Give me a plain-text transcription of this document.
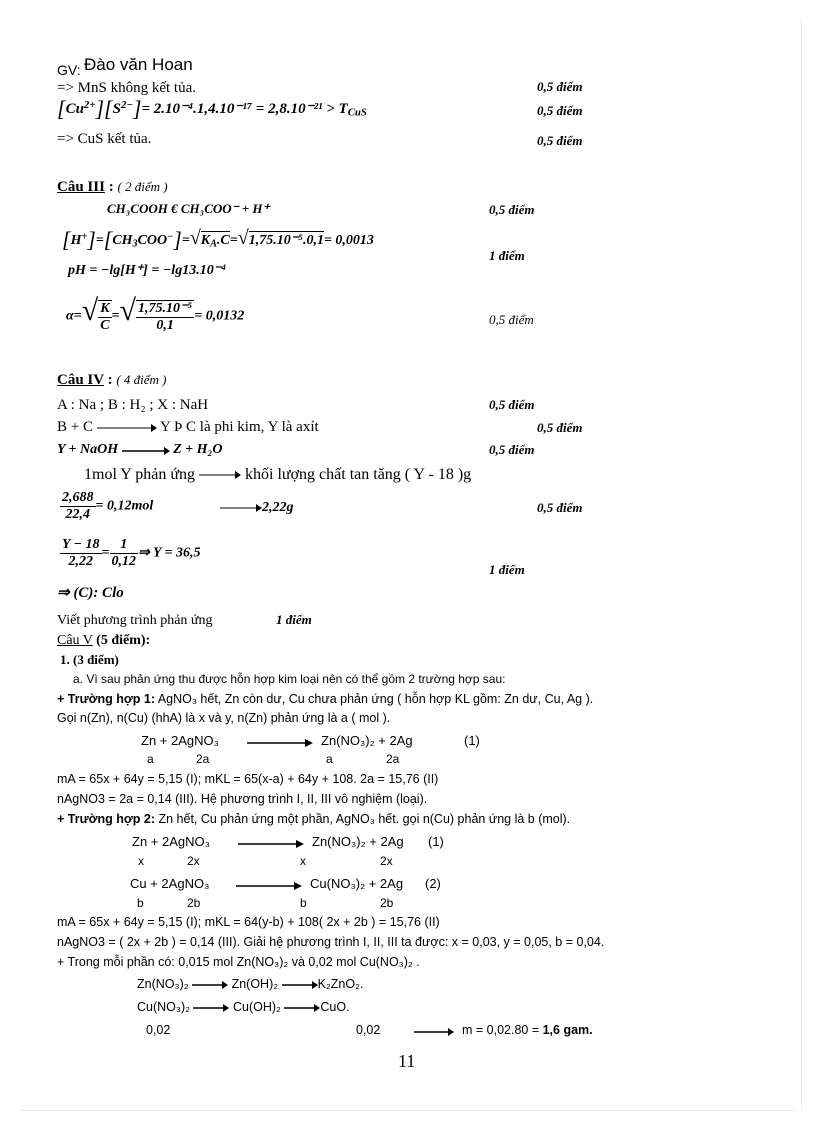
GV: Đào văn Hoan
=> MnS không kết tủa.	0,5 điểm
$[Cu^{2+}][S^{2-}]= 2.10^{-4}.1,4.10^{-17} = 2,8.10^{-21} > T_{CuS}$	0,5 điểm
=> CuS kết tủa.	0,5 điểm
Câu III : ( 2 điểm )
CH₃COOH € CH₃COO⁻ + H⁺	0,5 điểm
$[H^+]=[CH_3COO^-]=√K_A.C=√1,75.10^{-5}.0,1= 0,0013$
1 điểm
pH = −lg[H⁺] = −lg13.10⁻⁴
$\alpha=√ \frac{K}{C}$ =√ $\frac{\text{1,75.10⁻⁵}}{0,1} = 0,0132$	0,5 điểm
Câu IV : ( 4 điểm )
A : Na ; B : H₂ ; X : NaH	0,5 điểm
B + C	Y Þ C là phi kim, Y là axít	0,5 điểm
Y + NaOH	Z + H₂O	0,5 điểm
1mol Y phản ứng	khối lượng chất tan tăng ( Y - 18 )g
$\frac{2,688}{22,4} = 0,12mol$	2,22g	0,5 điểm
$\frac{Y - 18}{2,22} = \frac{1}{0,12}$ ⇒ Y = 36,5
1 điểm
⇒ (C): Clo
Viết phương trình phản ứng	1 điểm
Câu V (5 điểm):
1. (3 điểm)
a. Vì sau phản ứng thu được hỗn hợp kim loại nên có thể gồm 2 trường hợp sau:
+ Trường hợp 1: AgNO₃ hết, Zn còn dư, Cu chưa phản ứng ( hỗn hợp KL gồm: Zn dư, Cu, Ag ).
Gọi n(Zn), n(Cu) (hhA) là x và y, n(Zn) phản ứng là a ( mol ).
Zn + 2AgNO₃	Zn(NO₃)₂ + 2Ag	(1)
a	2a	a	2a
mA = 65x + 64y = 5,15 (I); mKL = 65(x-a) + 64y + 108. 2a = 15,76 (II)
nAgNO3 = 2a = 0,14 (III). Hệ phương trình I, II, III vô nghiệm (loại).
+ Trường hợp 2: Zn hết, Cu phản ứng một phần, AgNO₃ hết. gọi n(Cu) phản ứng là b (mol).
Zn + 2AgNO₃	Zn(NO₃)₂ + 2Ag (1)
x	2x	x	2x
Cu + 2AgNO₃	Cu(NO₃)₂ + 2Ag (2)
b	2b	b	2b
mA = 65x + 64y = 5,15 (I); mKL = 64(y-b) + 108( 2x + 2b ) = 15,76 (II)
nAgNO3 = ( 2x + 2b ) = 0,14 (III). Giải hệ phương trình I, II, III ta được: x = 0,03, y = 0,05, b = 0,04.
+ Trong mỗi phần có: 0,015 mol Zn(NO₃)₂ và 0,02 mol Cu(NO₃)₂ .
Zn(NO₃)₂	Zn(OH)₂	K₂ZnO₂.
Cu(NO₃)₂	Cu(OH)₂	CuO.
0,02	0,02	m = 0,02.80 = 1,6 gam.
11
